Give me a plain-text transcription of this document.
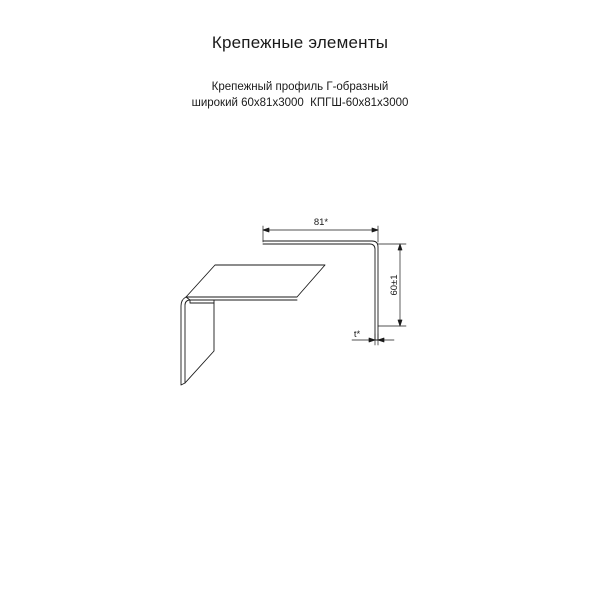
Крепежные элементы
Крепежный профиль Г-образный
широкий 60х81х3000  КПГШ-60х81х3000
81*
60±1
t*
